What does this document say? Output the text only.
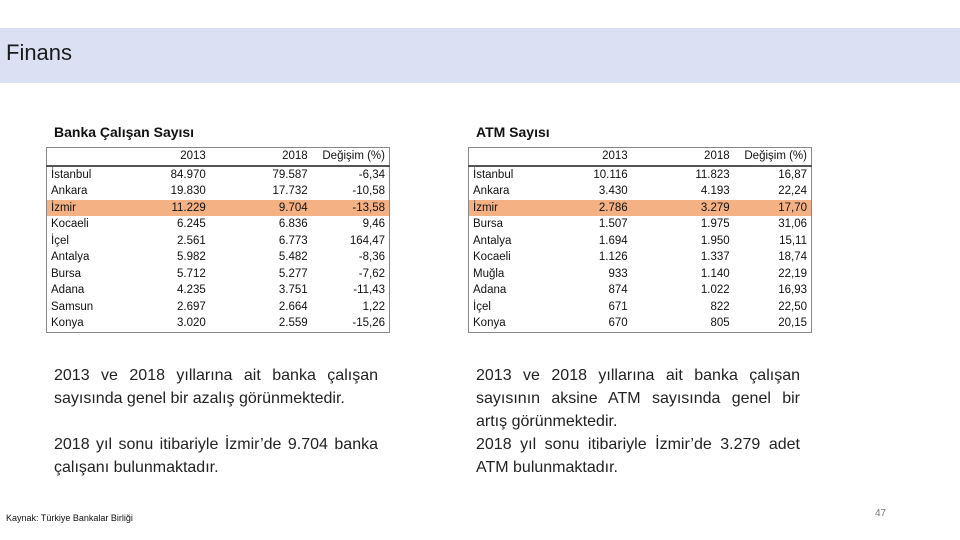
Finans
Banka Çalışan Sayısı
	2013	2018	Değişim (%)
İstanbul	84.970	79.587	-6,34
Ankara	19.830	17.732	-10,58
İzmir	11.229	9.704	-13,58
Kocaeli	6.245	6.836	9,46
İçel	2.561	6.773	164,47
Antalya	5.982	5.482	-8,36
Bursa	5.712	5.277	-7,62
Adana	4.235	3.751	-11,43
Samsun	2.697	2.664	1,22
Konya	3.020	2.559	-15,26
ATM Sayısı
	2013	2018	Değişim (%)
İstanbul	10.116	11.823	16,87
Ankara	3.430	4.193	22,24
İzmir	2.786	3.279	17,70
Bursa	1.507	1.975	31,06
Antalya	1.694	1.950	15,11
Kocaeli	1.126	1.337	18,74
Muğla	933	1.140	22,19
Adana	874	1.022	16,93
İçel	671	822	22,50
Konya	670	805	20,15

2013 ve 2018 yıllarına ait banka çalışan sayısında genel bir azalış görünmektedir.

2018 yıl sonu itibariyle İzmir’de 9.704 banka çalışanı bulunmaktadır.

2013 ve 2018 yıllarına ait banka çalışan sayısının aksine ATM sayısında genel bir artış görünmektedir.

2018 yıl sonu itibariyle İzmir’de 3.279 adet ATM bulunmaktadır.

Kaynak: Türkiye Bankalar Birliği	47
